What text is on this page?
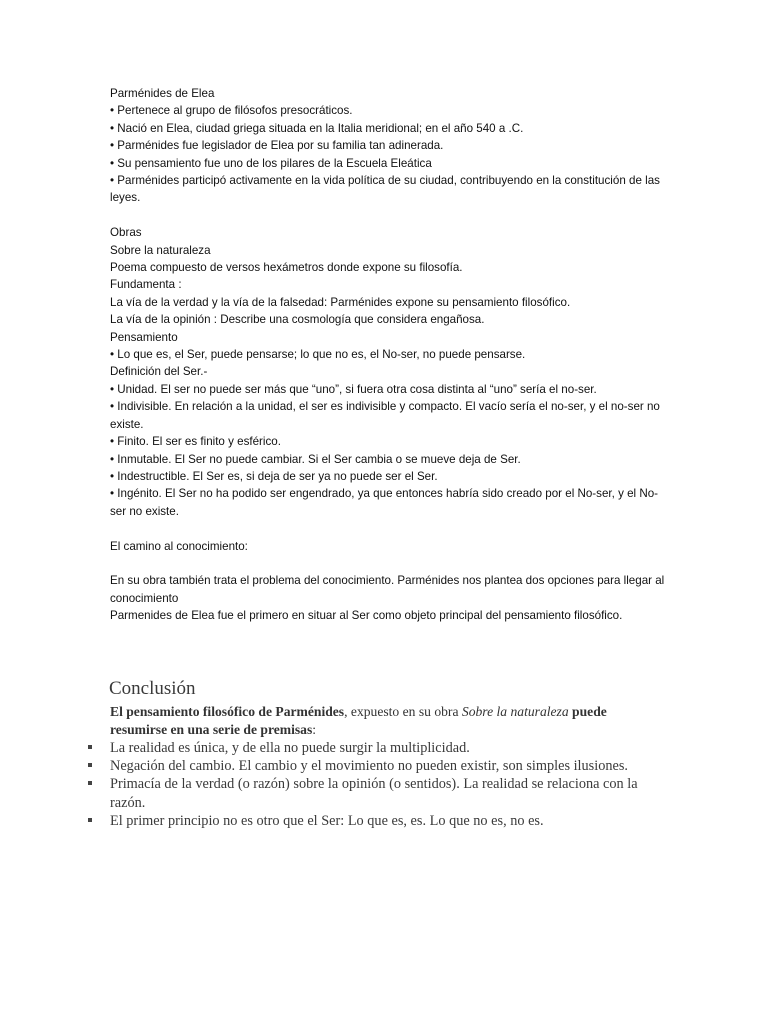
Parménides de Elea

• Pertenece al grupo de filósofos presocráticos.

• Nació en Elea, ciudad griega situada en la Italia meridional; en el año 540 a .C.

• Parménides fue legislador de Elea por su familia tan adinerada.

• Su pensamiento fue uno de los pilares de la Escuela Eleática

• Parménides participó activamente en la vida política de su ciudad, contribuyendo en la constitución de las leyes.

Obras

Sobre la naturaleza

Poema compuesto de versos hexámetros donde expone su filosofía.

Fundamenta :

La vía de la verdad y la vía de la falsedad: Parménides expone su pensamiento filosófico.

La vía de la opinión : Describe una cosmología que considera engañosa.

Pensamiento

• Lo que es, el Ser, puede pensarse; lo que no es, el No-ser, no puede pensarse.

Definición del Ser.-

• Unidad. El ser no puede ser más que “uno”, si fuera otra cosa distinta al “uno” sería el no-ser.

• Indivisible. En relación a la unidad, el ser es indivisible y compacto. El vacío sería el no-ser, y el no-ser no existe.

• Finito. El ser es finito y esférico.

• Inmutable. El Ser no puede cambiar. Si el Ser cambia o se mueve deja de Ser.

• Indestructible. El Ser es, si deja de ser ya no puede ser el Ser.

• Ingénito. El Ser no ha podido ser engendrado, ya que entonces habría sido creado por el No-ser, y el No-ser no existe.

El camino al conocimiento:

En su obra también trata el problema del conocimiento. Parménides nos plantea dos opciones para llegar al conocimiento

Parmenides de Elea fue el primero en situar al Ser como objeto principal del pensamiento filosófico.

Conclusión

El pensamiento filosófico de Parménides, expuesto en su obra Sobre la naturaleza puede resumirse en una serie de premisas:

La realidad es única, y de ella no puede surgir la multiplicidad.
Negación del cambio. El cambio y el movimiento no pueden existir, son simples ilusiones.
Primacía de la verdad (o razón) sobre la opinión (o sentidos). La realidad se relaciona con la razón.
El primer principio no es otro que el Ser: Lo que es, es. Lo que no es, no es.
